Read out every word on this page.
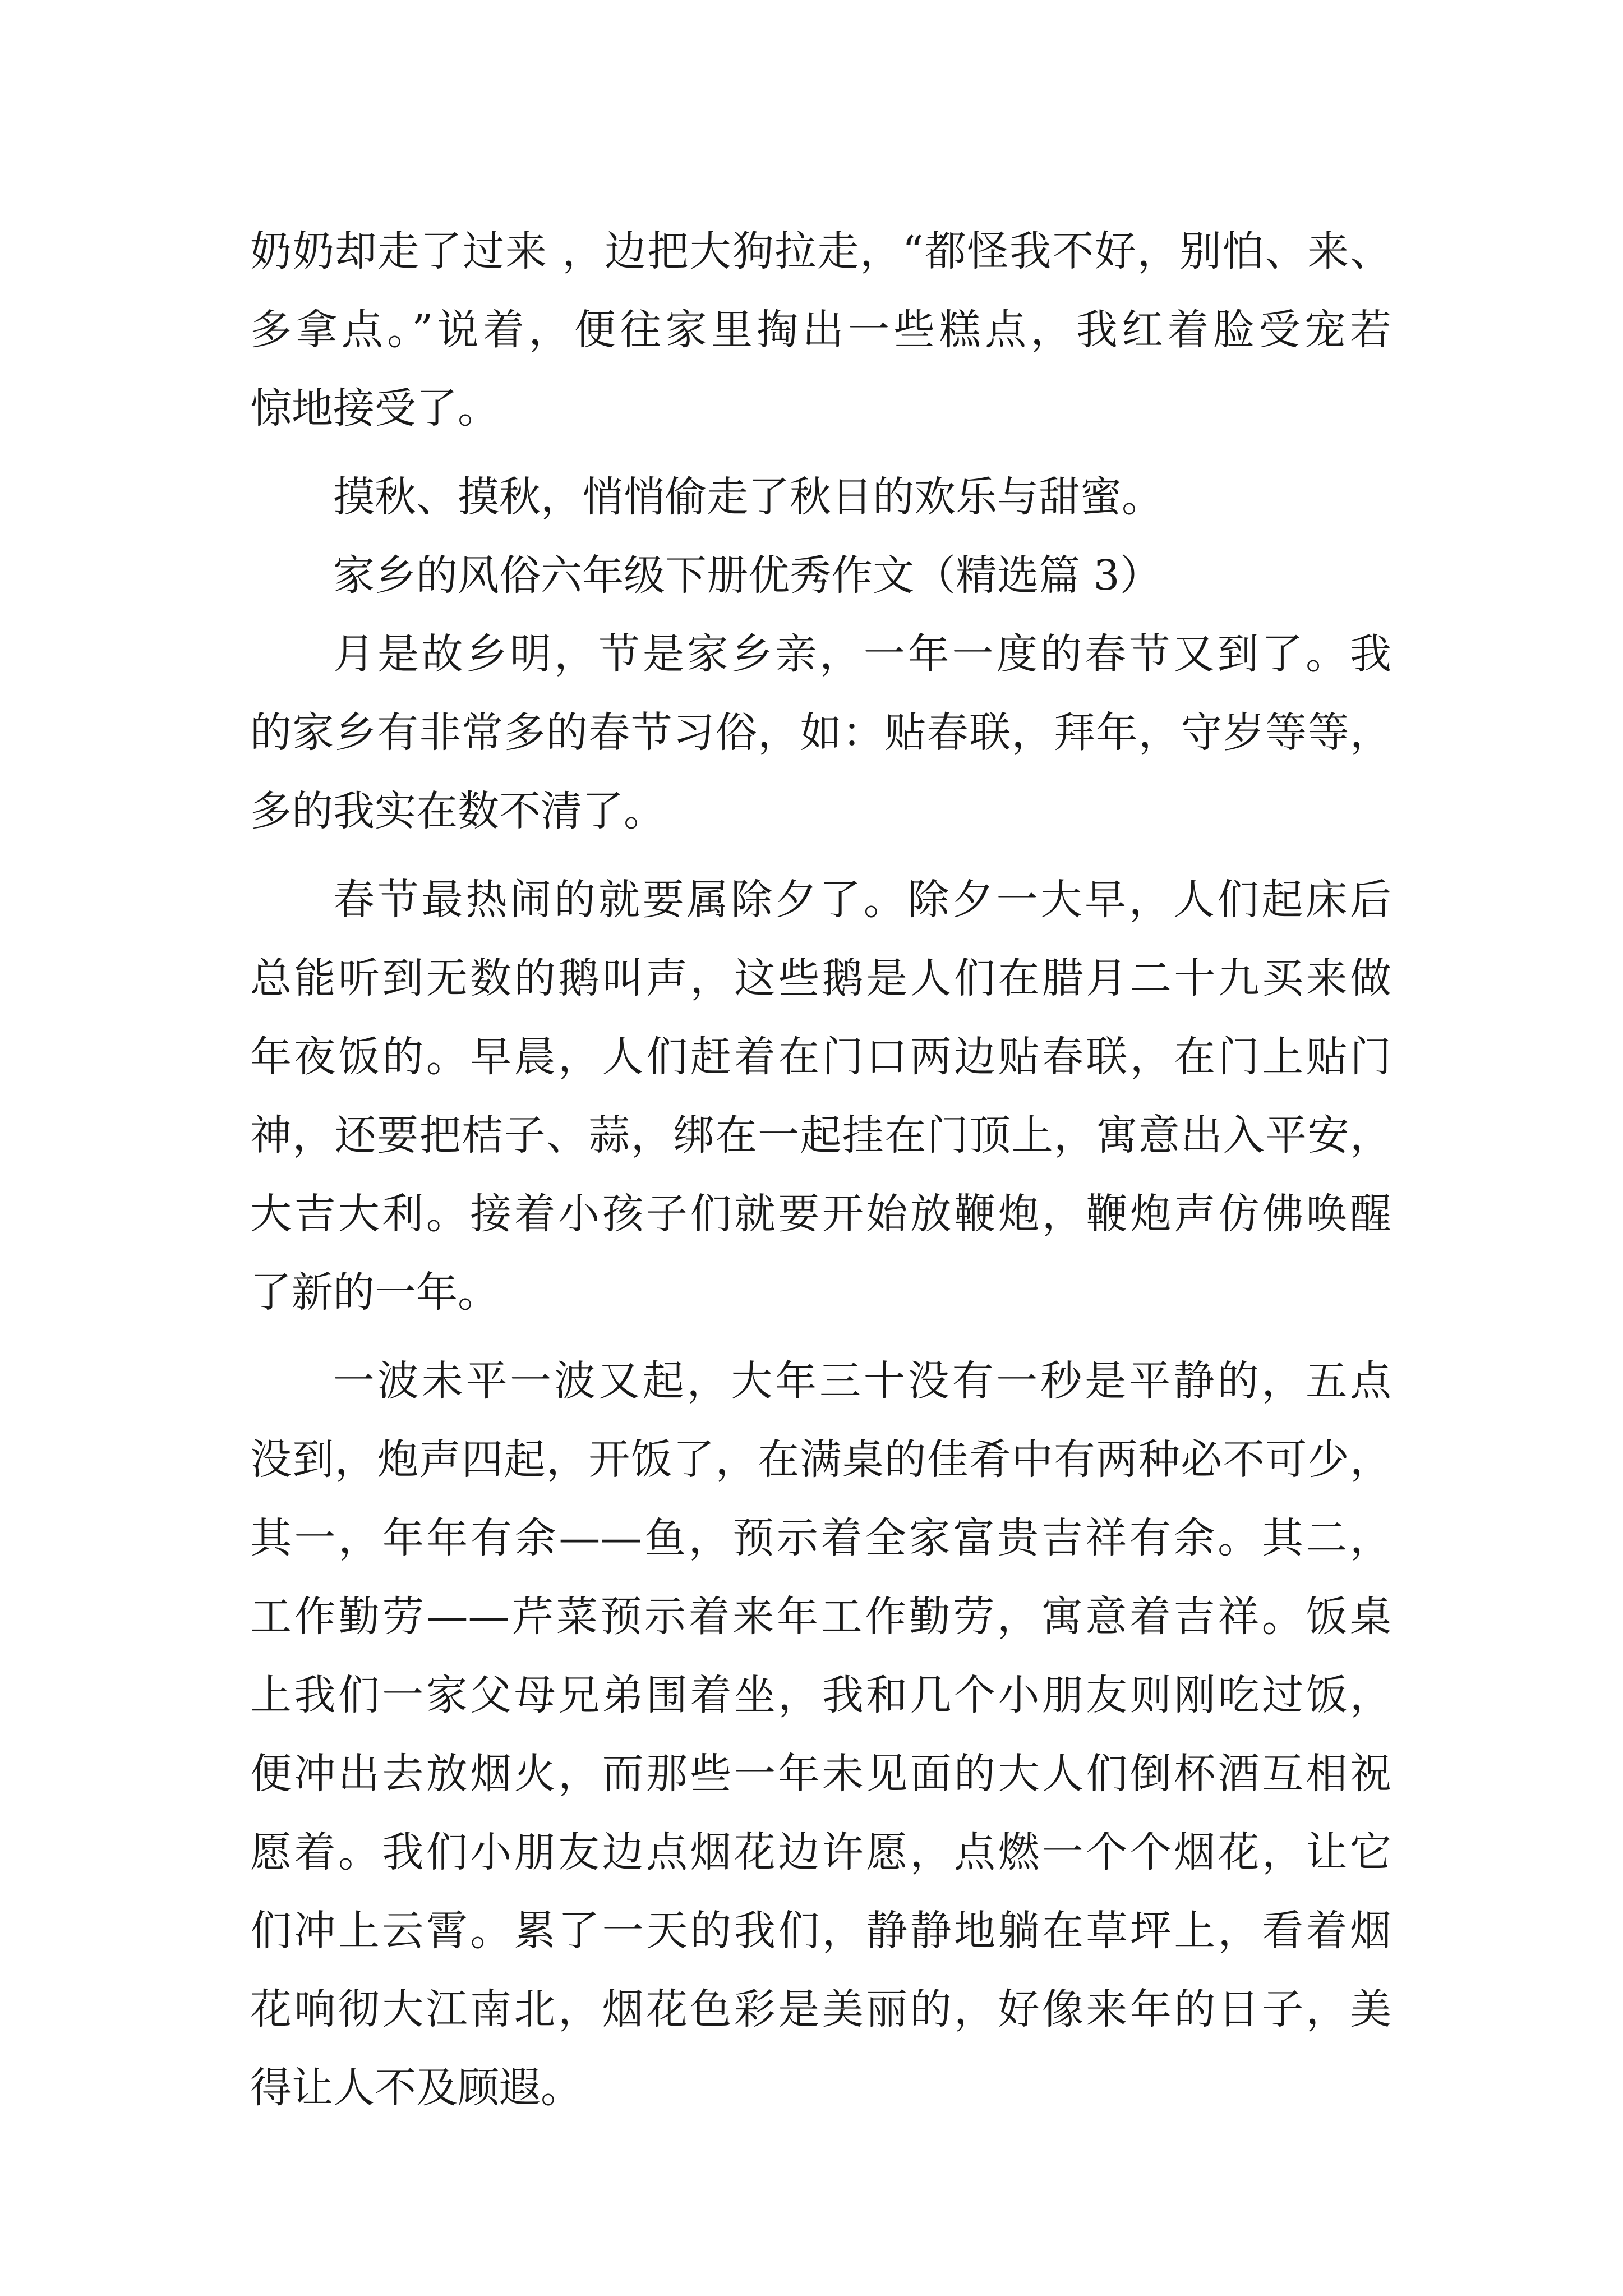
奶奶却走了过来 ，边把大狗拉走，“都怪我不好，别怕、来、
多拿点。”说着，便往家里掏出一些糕点，我红着脸受宠若
惊地接受了。
摸秋、摸秋，悄悄偷走了秋日的欢乐与甜蜜。
家乡的风俗六年级下册优秀作文（精选篇 3）
月是故乡明，节是家乡亲，一年一度的春节又到了。我
的家乡有非常多的春节习俗，如：贴春联，拜年，守岁等等，
多的我实在数不清了。
春节最热闹的就要属除夕了。除夕一大早，人们起床后
总能听到无数的鹅叫声，这些鹅是人们在腊月二十九买来做
年夜饭的。早晨，人们赶着在门口两边贴春联，在门上贴门
神，还要把桔子、蒜，绑在一起挂在门顶上，寓意出入平安，
大吉大利。接着小孩子们就要开始放鞭炮，鞭炮声仿佛唤醒
了新的一年。
一波未平一波又起，大年三十没有一秒是平静的，五点
没到，炮声四起，开饭了，在满桌的佳肴中有两种必不可少，
其一，年年有余——鱼，预示着全家富贵吉祥有余。其二，
工作勤劳——芹菜预示着来年工作勤劳，寓意着吉祥。饭桌
上我们一家父母兄弟围着坐，我和几个小朋友则刚吃过饭，
便冲出去放烟火，而那些一年未见面的大人们倒杯酒互相祝
愿着。我们小朋友边点烟花边许愿，点燃一个个烟花，让它
们冲上云霄。累了一天的我们，静静地躺在草坪上，看着烟
花响彻大江南北，烟花色彩是美丽的，好像来年的日子，美
得让人不及顾遐。
